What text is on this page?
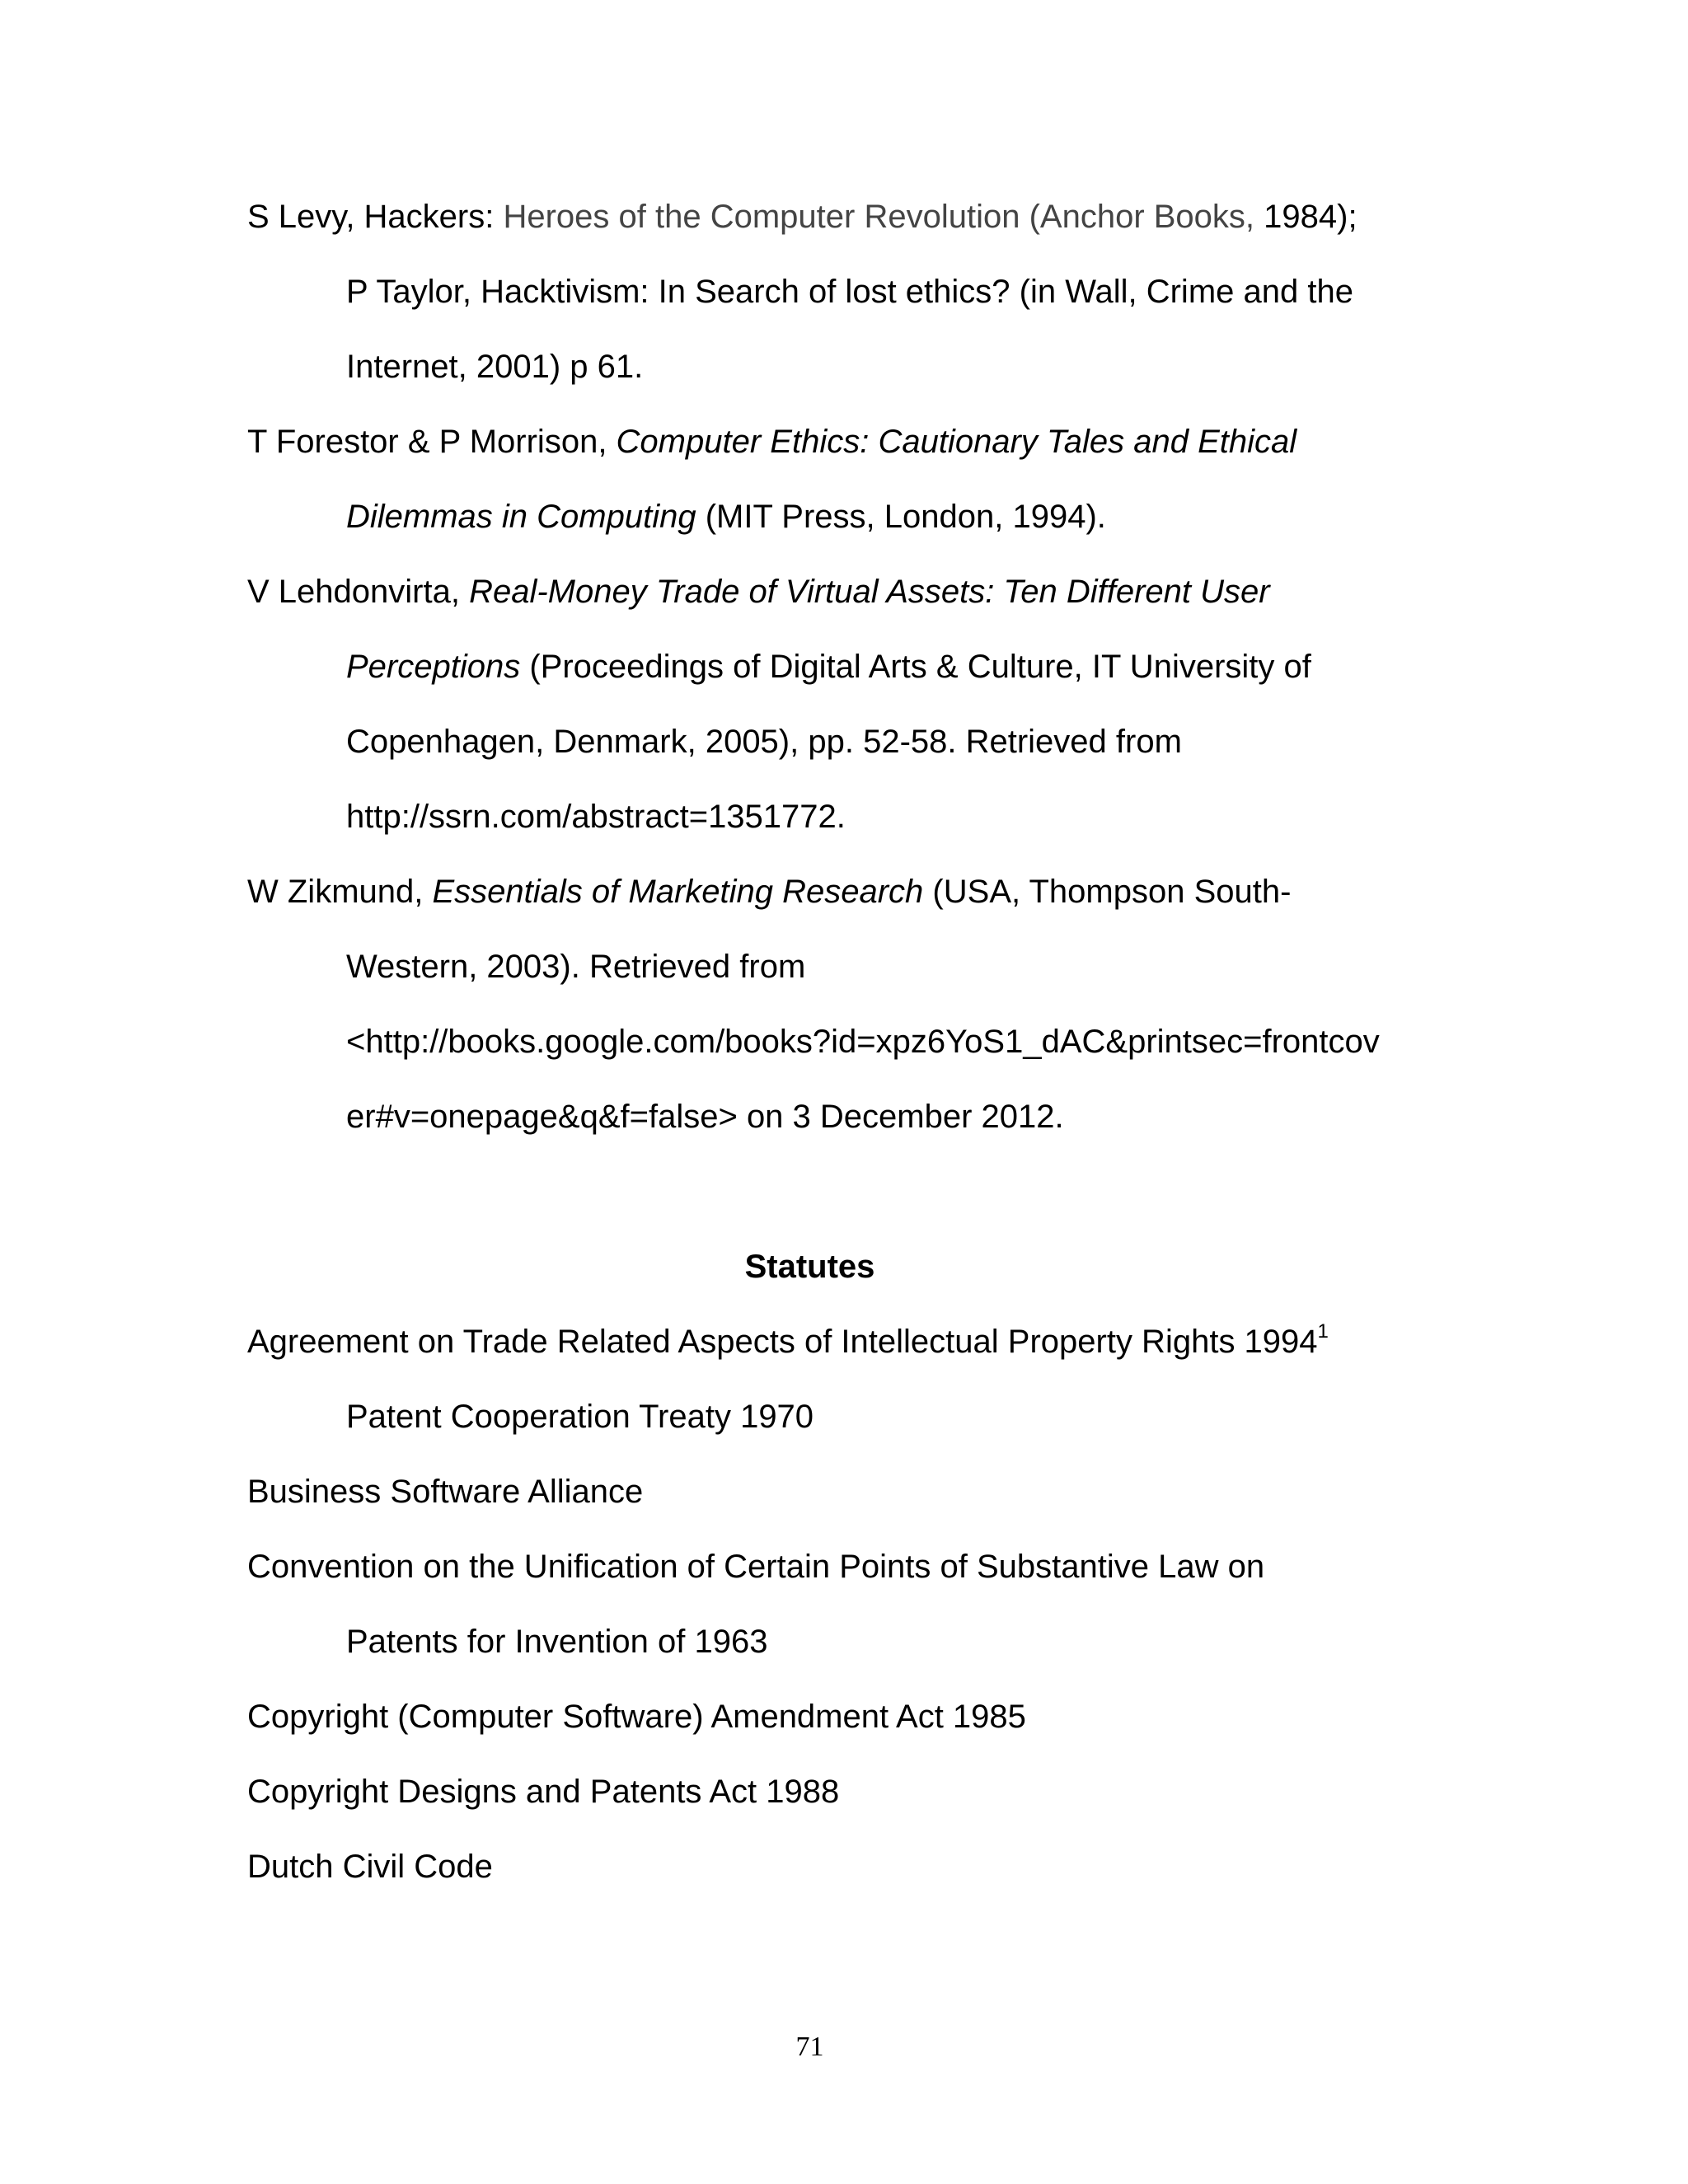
S Levy, Hackers: Heroes of the Computer Revolution (Anchor Books, 1984);
P Taylor, Hacktivism: In Search of lost ethics? (in Wall, Crime and the
Internet, 2001) p 61.
T Forestor & P Morrison, Computer Ethics: Cautionary Tales and Ethical
Dilemmas in Computing (MIT Press, London, 1994).
V Lehdonvirta, Real-Money Trade of Virtual Assets: Ten Different User
Perceptions (Proceedings of Digital Arts & Culture, IT University of
Copenhagen, Denmark, 2005), pp. 52-58. Retrieved from
http://ssrn.com/abstract=1351772.
W Zikmund, Essentials of Marketing Research (USA, Thompson South-
Western, 2003). Retrieved from
<http://books.google.com/books?id=xpz6YoS1_dAC&printsec=frontcov
er#v=onepage&q&f=false> on 3 December 2012.
Statutes
Agreement on Trade Related Aspects of Intellectual Property Rights 1994$^1$
Patent Cooperation Treaty 1970
Business Software Alliance
Convention on the Unification of Certain Points of Substantive Law on
Patents for Invention of 1963
Copyright (Computer Software) Amendment Act 1985
Copyright Designs and Patents Act 1988
Dutch Civil Code
71
